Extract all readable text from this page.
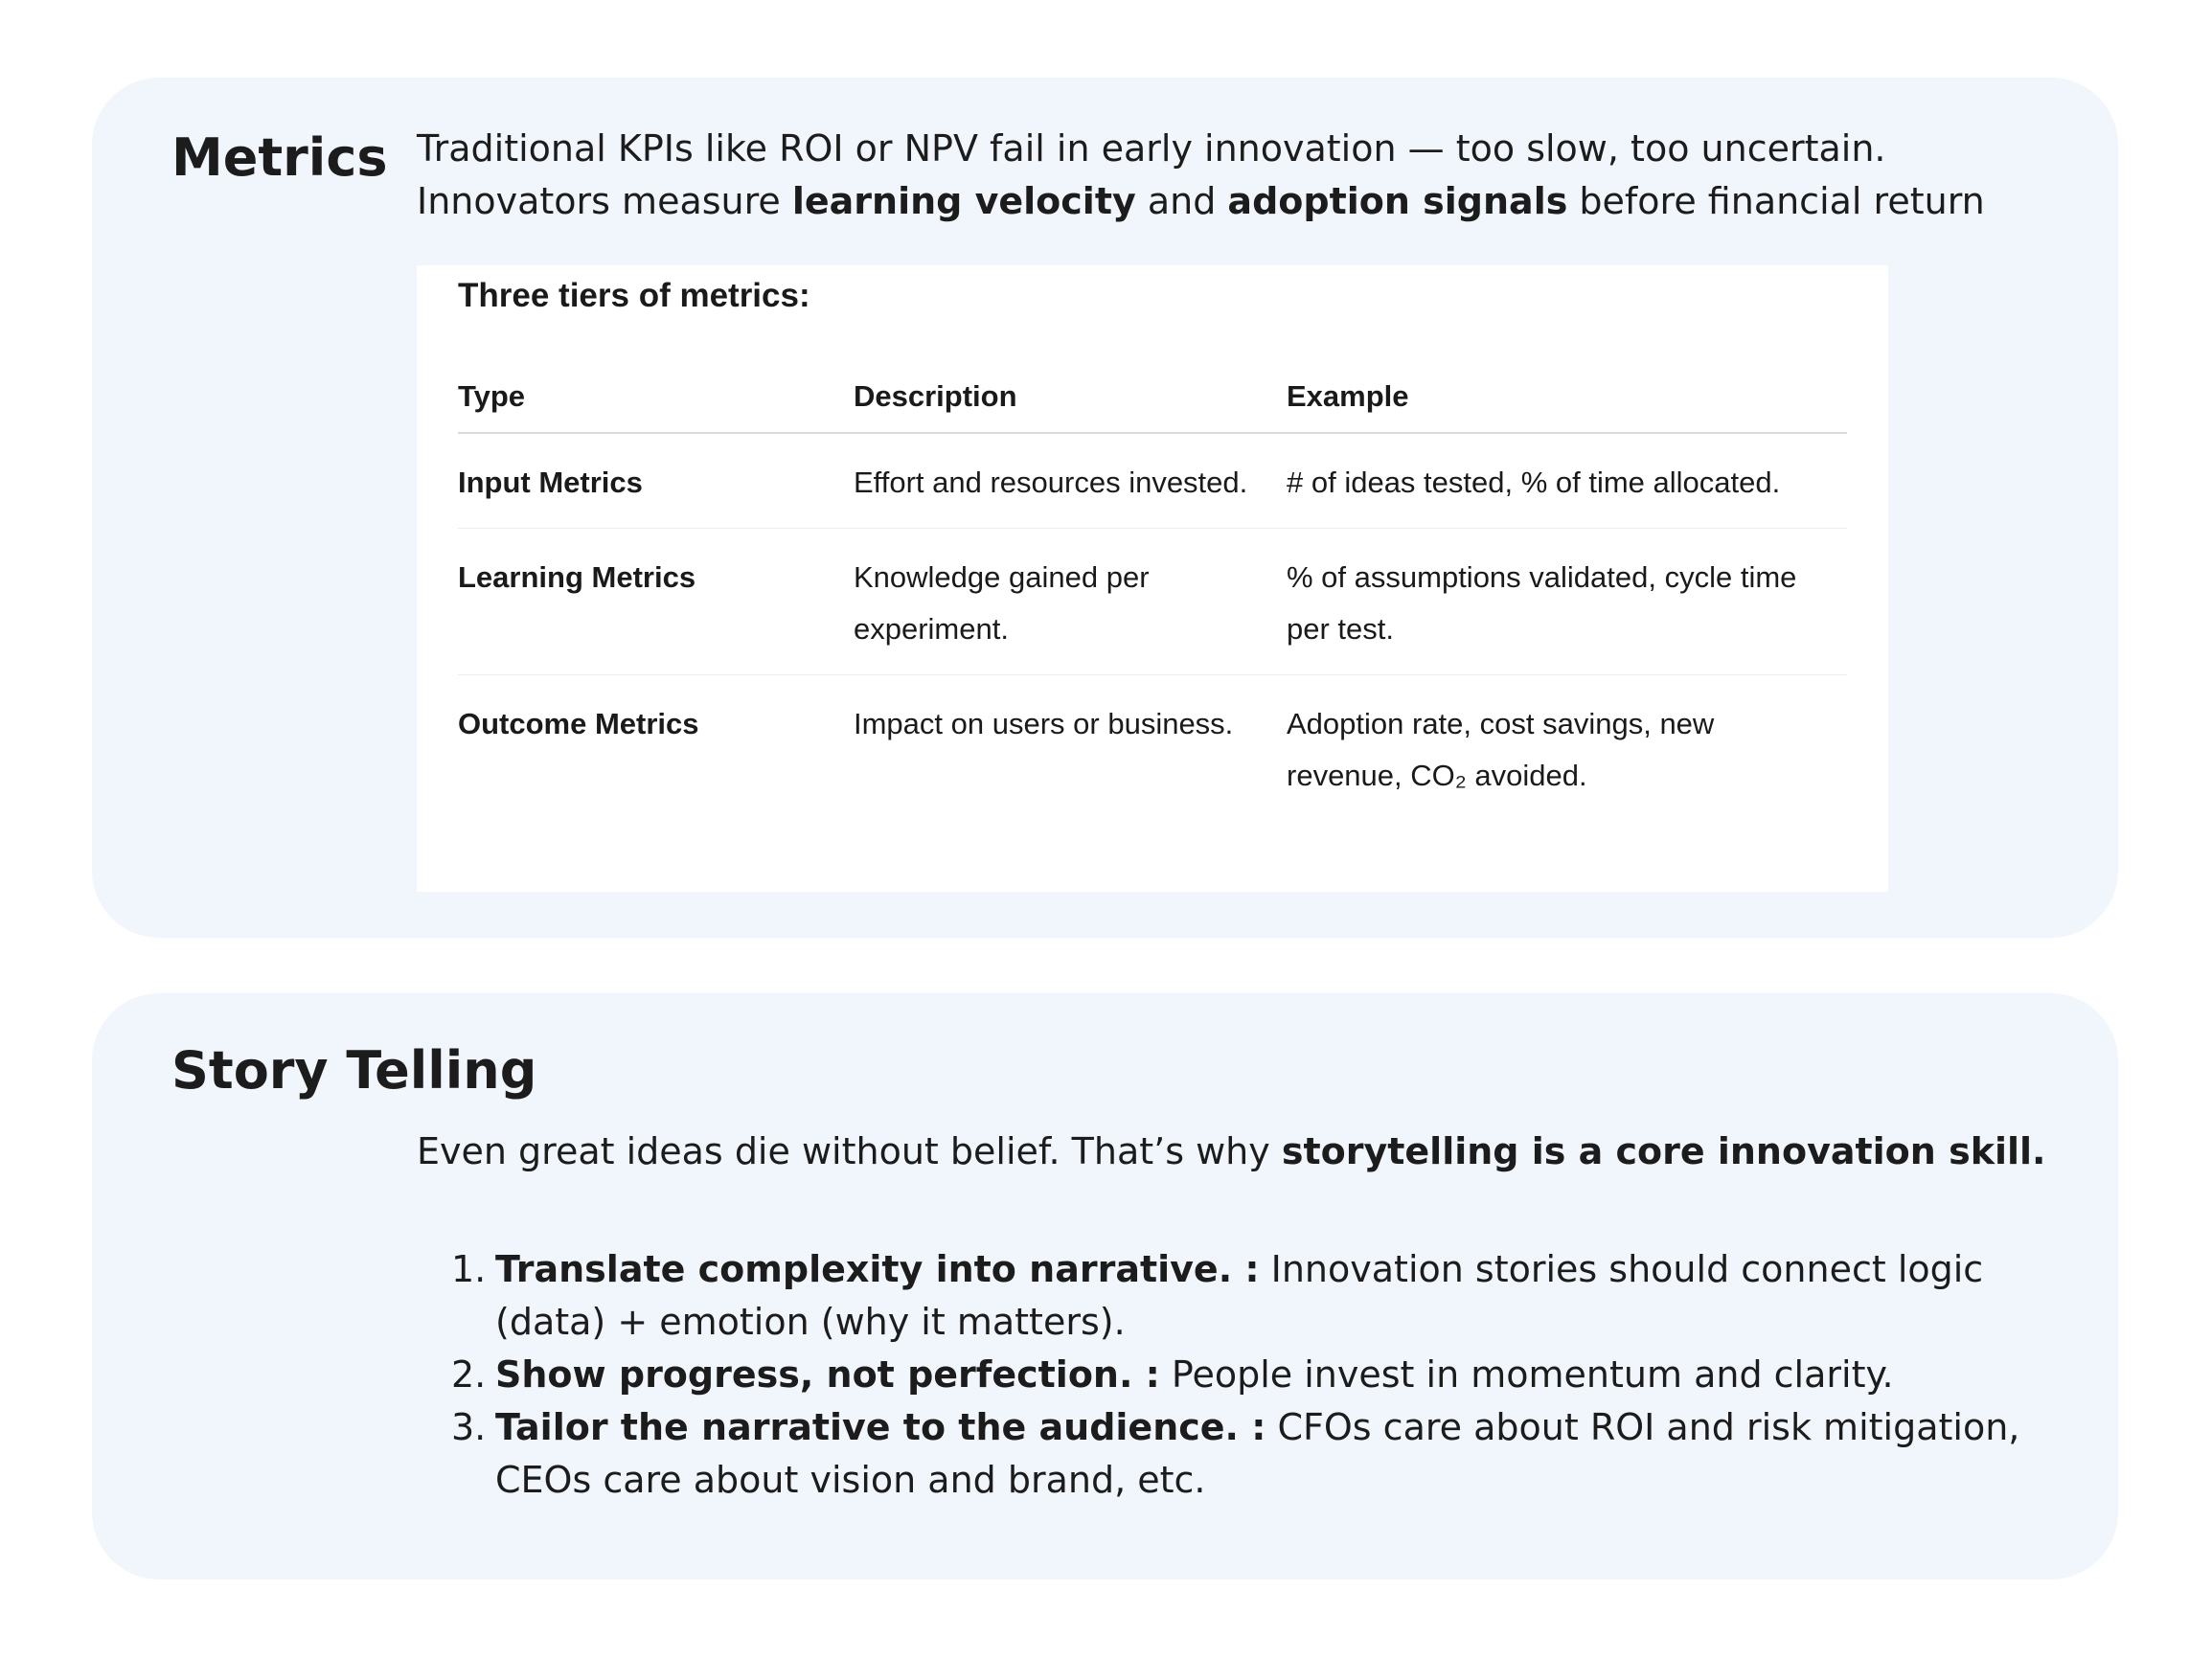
Metrics Traditional KPIs like ROI or NPV fail in early innovation — too slow, too uncertain.
Innovators measure learning velocity and adoption signals before financial return

Three tiers of metrics:
Type	Description	Example
Input Metrics	Effort and resources invested.	# of ideas tested, % of time allocated.
Learning Metrics	Knowledge gained per experiment.	% of assumptions validated, cycle time per test.
Outcome Metrics	Impact on users or business.	Adoption rate, cost savings, new revenue, CO₂ avoided.
Story Telling

Even great ideas die without belief. That’s why storytelling is a core innovation skill.

1. Translate complexity into narrative. : Innovation stories should connect logic (data) + emotion (why it matters).
2. Show progress, not perfection. : People invest in momentum and clarity.
3. Tailor the narrative to the audience. : CFOs care about ROI and risk mitigation, CEOs care about vision and brand, etc.
